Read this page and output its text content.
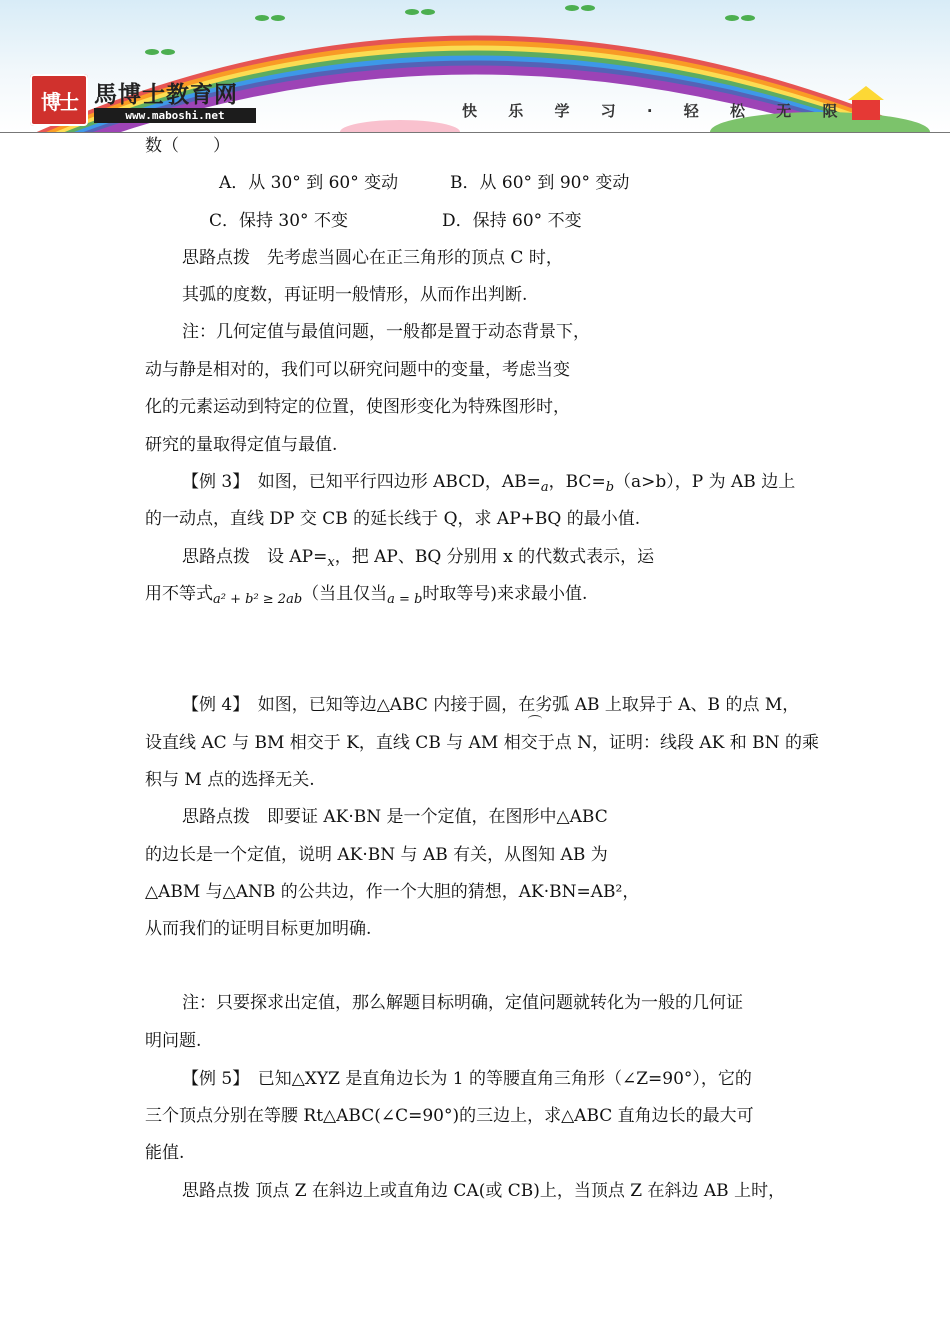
博士 馬博士教育网
www.maboshi.net	快 乐 学 习 · 轻 松 无 限
数（　　）
A．从 30° 到 60° 变动	B．从 60° 到 90° 变动
C．保持 30° 不变	D．保持 60° 不变
思路点拨　先考虑当圆心在正三角形的顶点 C 时，
其弧的度数，再证明一般情形，从而作出判断.
注：几何定值与最值问题，一般都是置于动态背景下，
动与静是相对的，我们可以研究问题中的变量，考虑当变
化的元素运动到特定的位置，使图形变化为特殊图形时，
研究的量取得定值与最值.
【例 3】　如图，已知平行四边形 ABCD，$AB=_a$，$BC=_b(a>b)$，P 为 AB 边上
的一动点，直线 DP 交 CB 的延长线于 Q，求 AP+BQ 的最小值.
思路点拨　设 $AP=_x$，把 AP、BQ 分别用 x 的代数式表示，运
用不等式$_{a^2 + b^2 \ge 2ab}$（当且仅当$_{a = b}$时取等号)来求最小值.
【例 4】　如图，已知等边△ABC 内接于圆，在劣弧 AB 上取异于 A、B 的点 M，
设直线 AC 与 BM 相交于 K，直线 CB 与 AM 相交于点 N，证明：线段 AK 和 BN 的乘
积与 M 点的选择无关.
思路点拨　即要证 AK·BN 是一个定值，在图形中△ABC
的边长是一个定值，说明 AK·BN 与 AB 有关，从图知 AB 为
△ABM 与△ANB 的公共边，作一个大胆的猜想，AK·BN=AB²，
从而我们的证明目标更加明确.
注：只要探求出定值，那么解题目标明确，定值问题就转化为一般的几何证
明问题.
【例 5】　已知△XYZ 是直角边长为 1 的等腰直角三角形（∠Z=90°），它的
三个顶点分别在等腰 Rt△ABC(∠C=90°)的三边上，求△ABC 直角边长的最大可
能值.
思路点拨 顶点 Z 在斜边上或直角边 CA(或 CB)上，当顶点 Z 在斜边 AB 上时，
